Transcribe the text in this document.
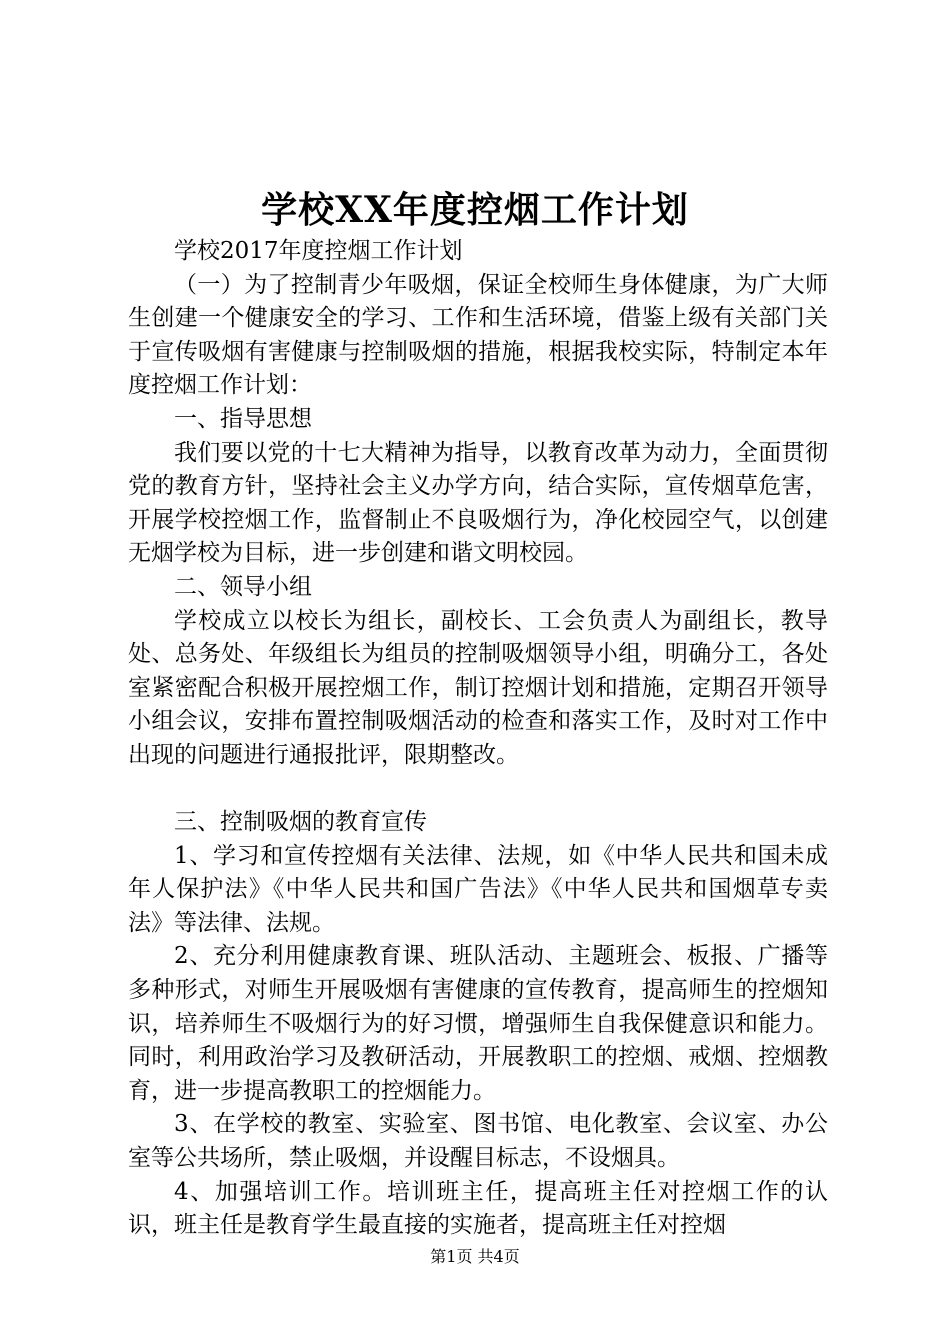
学校XX年度控烟工作计划

学校2017年度控烟工作计划

（一）为了控制青少年吸烟，保证全校师生身体健康，为广大师生创建一个健康安全的学习、工作和生活环境，借鉴上级有关部门关于宣传吸烟有害健康与控制吸烟的措施，根据我校实际，特制定本年度控烟工作计划：

一、指导思想

我们要以党的十七大精神为指导，以教育改革为动力，全面贯彻党的教育方针，坚持社会主义办学方向，结合实际，宣传烟草危害，开展学校控烟工作，监督制止不良吸烟行为，净化校园空气，以创建无烟学校为目标，进一步创建和谐文明校园。

二、领导小组

学校成立以校长为组长，副校长、工会负责人为副组长，教导处、总务处、年级组长为组员的控制吸烟领导小组，明确分工，各处室紧密配合积极开展控烟工作，制订控烟计划和措施，定期召开领导小组会议，安排布置控制吸烟活动的检查和落实工作，及时对工作中出现的问题进行通报批评，限期整改。

三、控制吸烟的教育宣传

1、学习和宣传控烟有关法律、法规，如《中华人民共和国未成年人保护法》《中华人民共和国广告法》《中华人民共和国烟草专卖法》等法律、法规。

2、充分利用健康教育课、班队活动、主题班会、板报、广播等多种形式，对师生开展吸烟有害健康的宣传教育，提高师生的控烟知识，培养师生不吸烟行为的好习惯，增强师生自我保健意识和能力。同时，利用政治学习及教研活动，开展教职工的控烟、戒烟、控烟教育，进一步提高教职工的控烟能力。

3、在学校的教室、实验室、图书馆、电化教室、会议室、办公室等公共场所，禁止吸烟，并设醒目标志，不设烟具。

4、加强培训工作。培训班主任，提高班主任对控烟工作的认识，班主任是教育学生最直接的实施者，提高班主任对控烟

第1页 共4页
